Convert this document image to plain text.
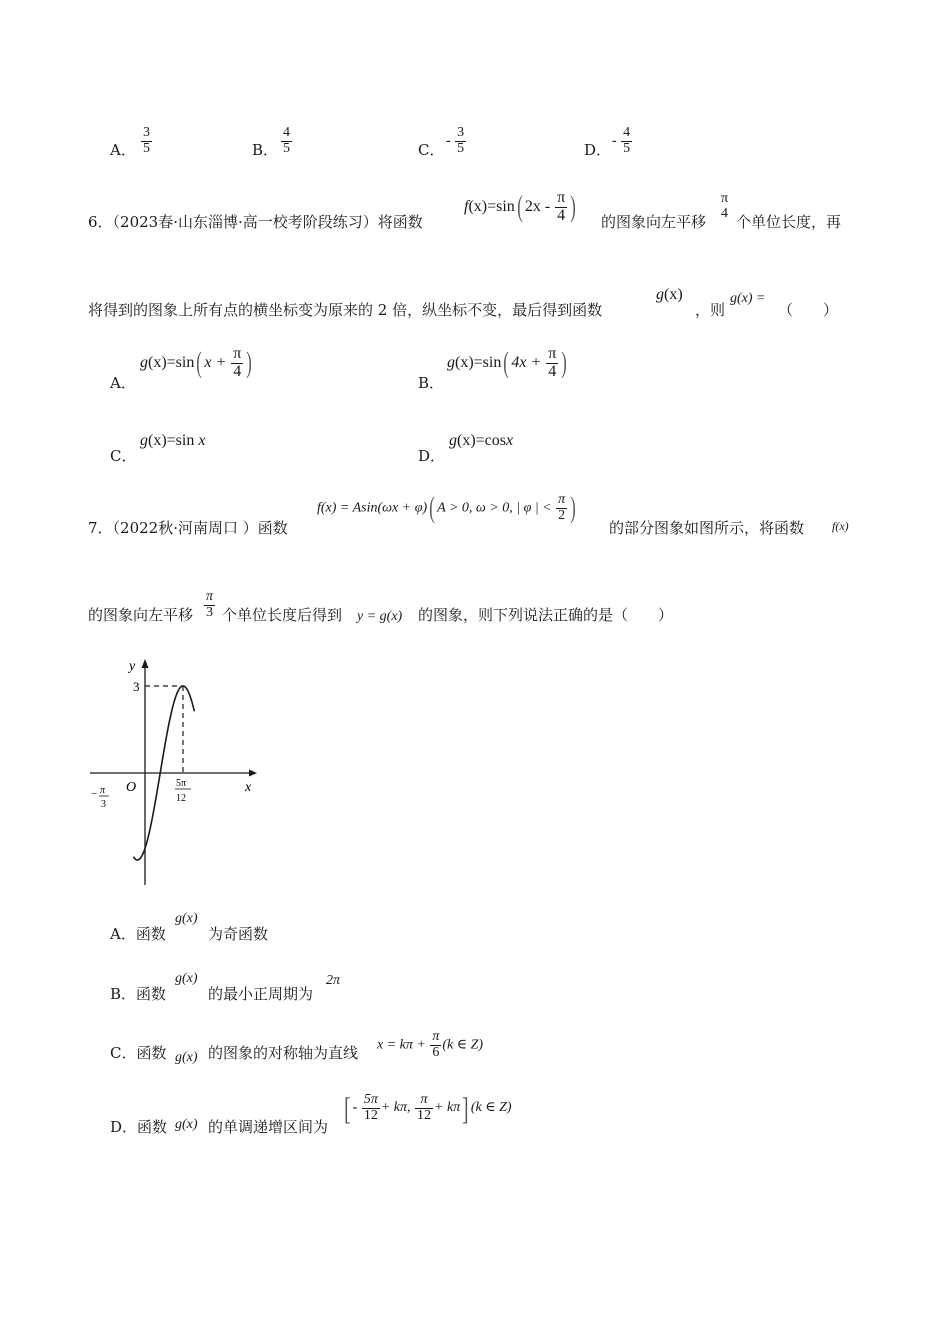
A． $\frac{3}{5}$	B． $\frac{4}{5}$	C．
- $\frac{3}{5}$	D．
- $\frac{4}{5}$
6．（2023春·山东淄博·高一校考阶段练习）将函数
f(x)=sin( $2x - \frac{\pi}{4}$ ) 的图象向左平移
π
4 个单位长度，再
将得到的图象上所有点的横坐标变为原来的 2 倍，纵坐标不变，最后得到函数
g(x)
，则
g(x) =
（　　）
A．
g(x)=sin( $x + \frac{\pi}{4}$ )
B．
g(x)=sin( $4x + \frac{\pi}{4}$ )
C．
g(x)=sin x
D．
g(x)=cosx
7．（2022秋·河南周口 ）函数
f(x) = Asin(ωx + φ)( A > 0, ω > 0, | φ | < $\frac{\pi}{2}$ )
的部分图象如图所示，将函数 f(x)
的图象向左平移 $\frac{\pi}{3}$ 个单位长度后得到 y = g(x) 的图象，则下列说法正确的是（　　）
y
x
O
3
− π
3
5π
12
A．函数
g(x)
为奇函数
B．函数
g(x)
的最小正周期为
2π
C．函数 g(x) 的图象的对称轴为直线 $x = k\pi + \frac{\pi}{6} (k$ ∈ Z)
D．函数 g(x) 的单调递增区间为
[ - $\frac{5\pi}{12} + k\pi$, $\frac{\pi}{12} + k\pi$] (k ∈ Z)
